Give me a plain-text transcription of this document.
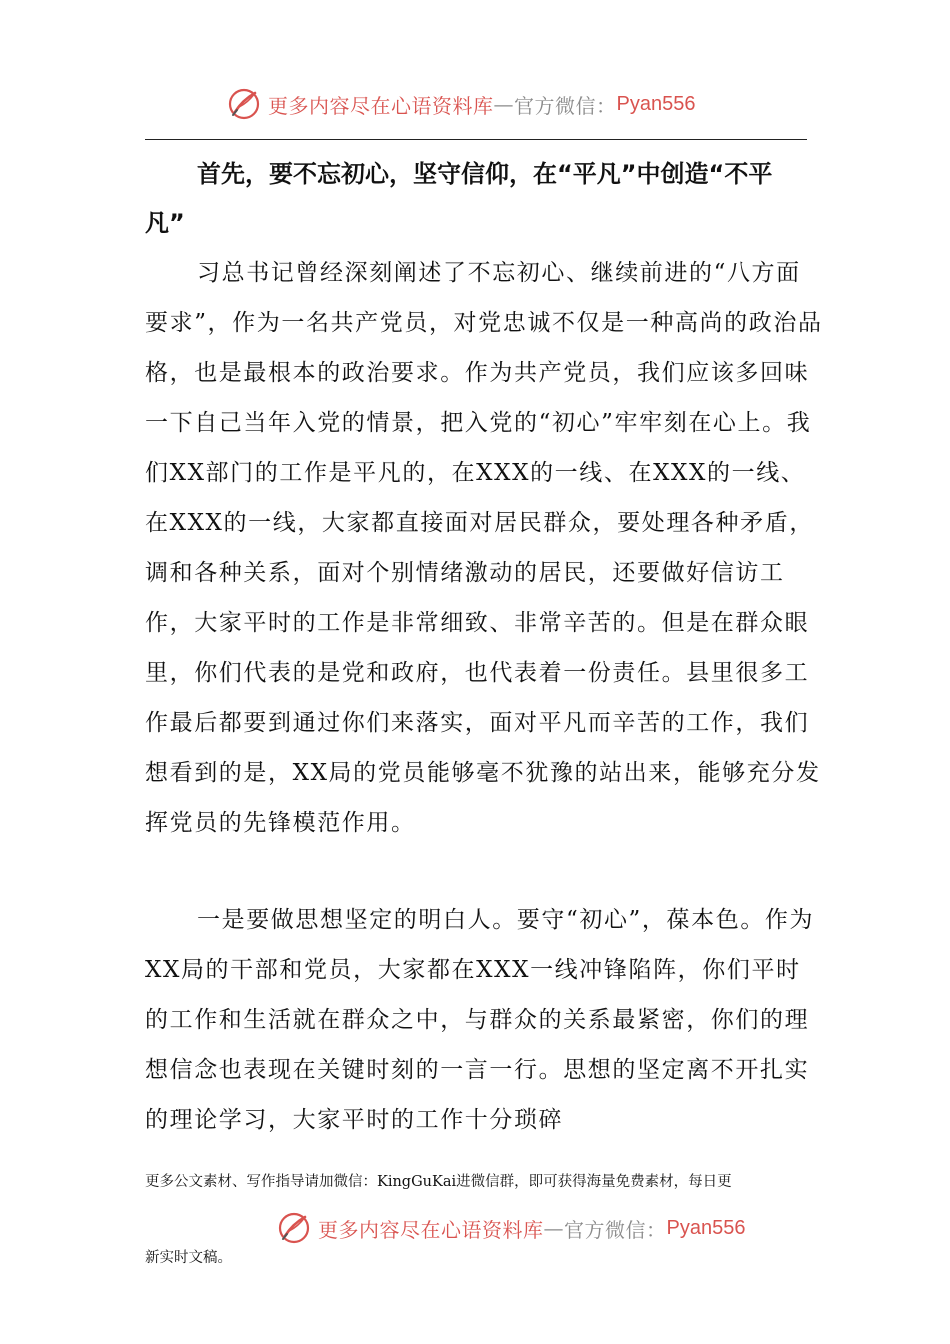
更多内容尽在心语资料库 — 官方微信： Pyan556
首先，要不忘初心，坚守信仰，在“平凡”中创造“不平凡”

习总书记曾经深刻阐述了不忘初心、继续前进的“八方面要求”，作为一名共产党员，对党忠诚不仅是一种高尚的政治品格，也是最根本的政治要求。作为共产党员，我们应该多回味一下自己当年入党的情景，把入党的“初心”牢牢刻在心上。我们XX部门的工作是平凡的，在XXX的一线、在XXX的一线、在XXX的一线，大家都直接面对居民群众，要处理各种矛盾，调和各种关系，面对个别情绪激动的居民，还要做好信访工作，大家平时的工作是非常细致、非常辛苦的。但是在群众眼里，你们代表的是党和政府，也代表着一份责任。县里很多工作最后都要到通过你们来落实，面对平凡而辛苦的工作，我们想看到的是，XX局的党员能够毫不犹豫的站出来，能够充分发挥党员的先锋模范作用。

一是要做思想坚定的明白人。要守“初心”，葆本色。作为XX局的干部和党员，大家都在XXX一线冲锋陷阵，你们平时的工作和生活就在群众之中，与群众的关系最紧密，你们的理想信念也表现在关键时刻的一言一行。思想的坚定离不开扎实的理论学习，大家平时的工作十分琐碎

更多公文素材、写作指导请加微信：KingGuKai进微信群，即可获得海量免费素材，每日更

更多内容尽在心语资料库 — 官方微信： Pyan556

新实时文稿。
